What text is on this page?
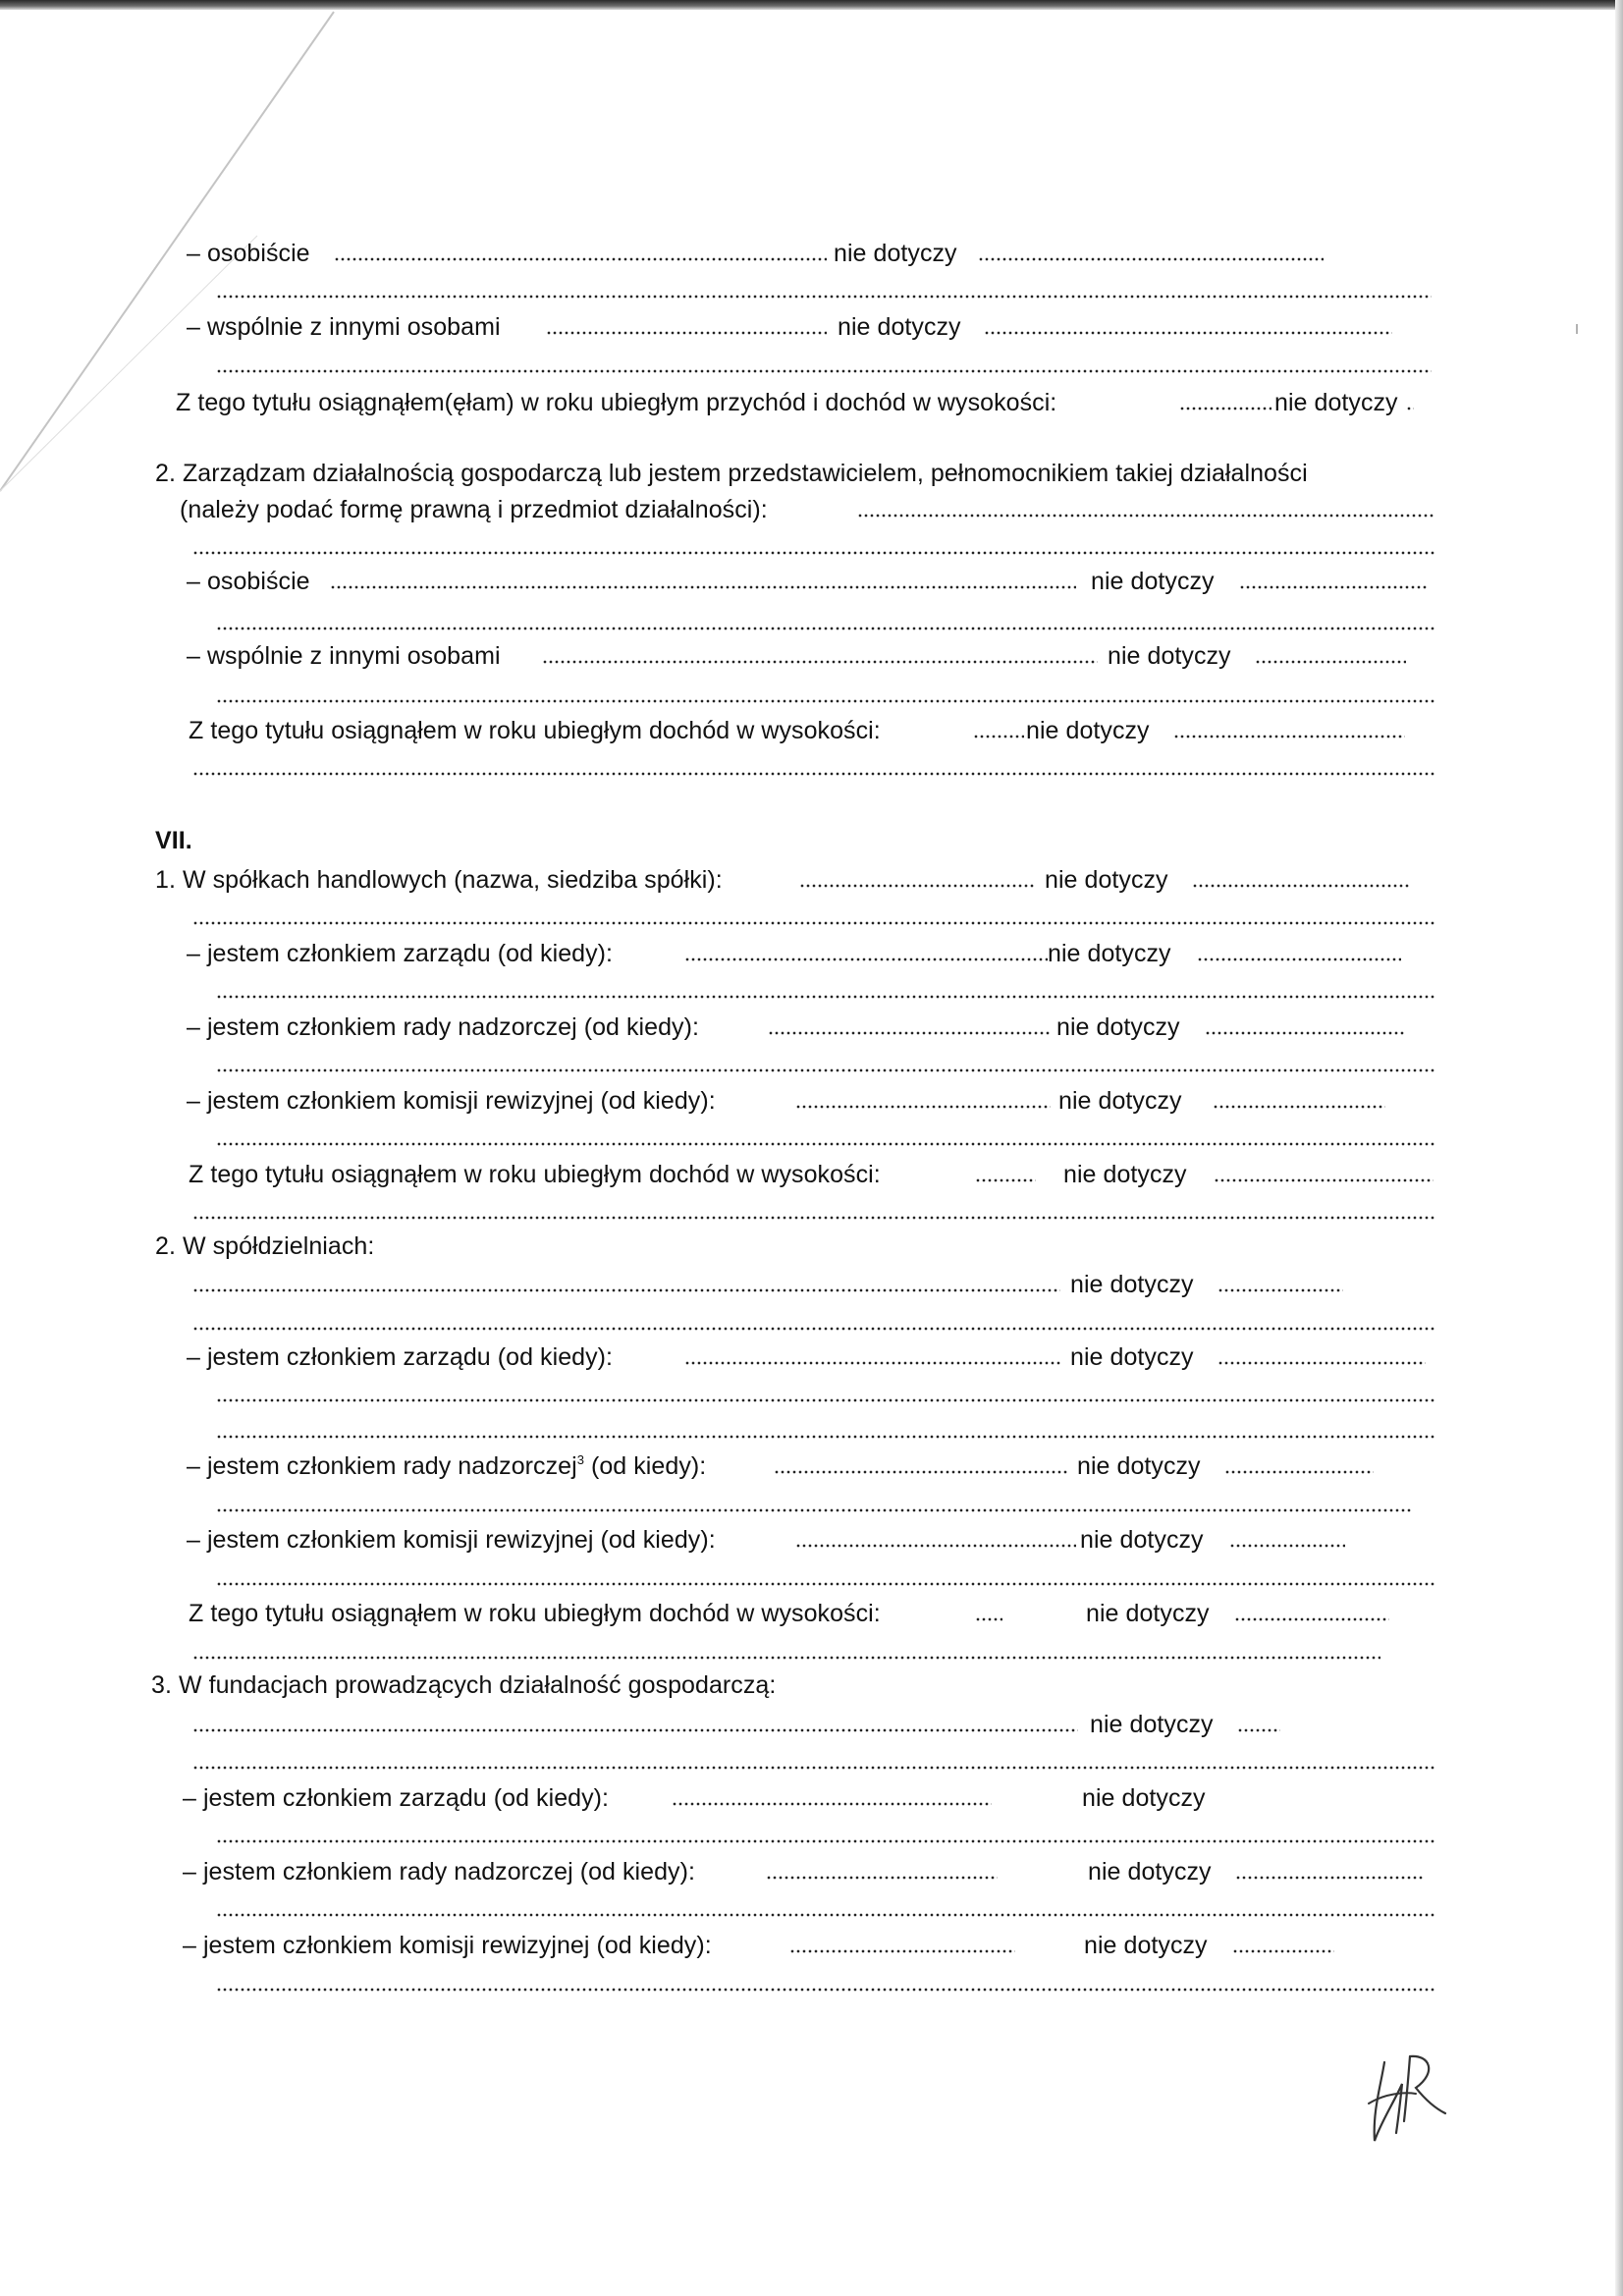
– osobiście	nie dotyczy
– wspólnie z innymi osobami	nie dotyczy
Z tego tytułu osiągnąłem(ęłam) w roku ubiegłym przychód i dochód w wysokości:	nie dotyczy
2. Zarządzam działalnością gospodarczą lub jestem przedstawicielem, pełnomocnikiem takiej działalności
(należy podać formę prawną i przedmiot działalności):
– osobiście	nie dotyczy
– wspólnie z innymi osobami	nie dotyczy
Z tego tytułu osiągnąłem w roku ubiegłym dochód w wysokości:	nie dotyczy
VII.
1. W spółkach handlowych (nazwa, siedziba spółki):	nie dotyczy
– jestem członkiem zarządu (od kiedy):	nie dotyczy
– jestem członkiem rady nadzorczej (od kiedy):	nie dotyczy
– jestem członkiem komisji rewizyjnej (od kiedy):	nie dotyczy
Z tego tytułu osiągnąłem w roku ubiegłym dochód w wysokości:	nie dotyczy
2. W spółdzielniach:
nie dotyczy
– jestem członkiem zarządu (od kiedy):	nie dotyczy
– jestem członkiem rady nadzorczej$^3$ (od kiedy):	nie dotyczy
– jestem członkiem komisji rewizyjnej (od kiedy):	nie dotyczy
Z tego tytułu osiągnąłem w roku ubiegłym dochód w wysokości:	nie dotyczy
3. W fundacjach prowadzących działalność gospodarczą:
nie dotyczy
– jestem członkiem zarządu (od kiedy):	nie dotyczy
– jestem członkiem rady nadzorczej (od kiedy):	nie dotyczy
– jestem członkiem komisji rewizyjnej (od kiedy):	nie dotyczy
